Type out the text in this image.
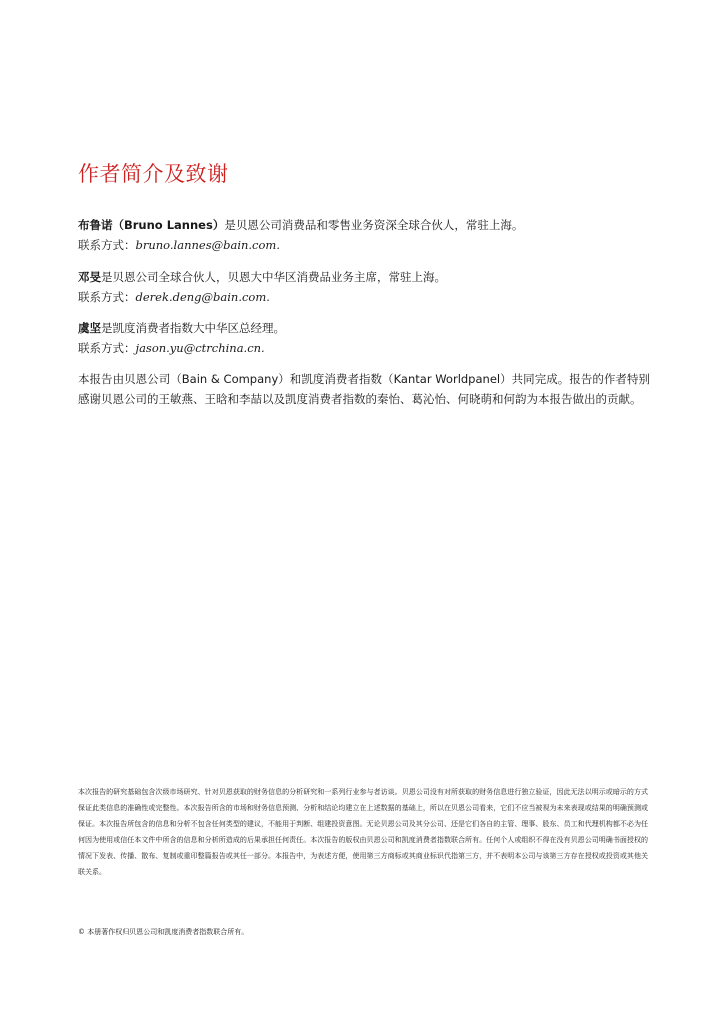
作者简介及致谢
布鲁诺（Bruno Lannes）是贝恩公司消费品和零售业务资深全球合伙人，常驻上海。
联系方式：bruno.lannes@bain.com.
邓旻是贝恩公司全球合伙人，贝恩大中华区消费品业务主席，常驻上海。
联系方式：derek.deng@bain.com.
虞坚是凯度消费者指数大中华区总经理。
联系方式：jason.yu@ctrchina.cn.

本报告由贝恩公司（Bain & Company）和凯度消费者指数（Kantar Worldpanel）共同完成。报告的作者特别感谢贝恩公司的王敏燕、王晗和李喆以及凯度消费者指数的秦怡、葛沁怡、何晓萌和何韵为本报告做出的贡献。

本次报告的研究基础包含次级市场研究、针对贝恩获取的财务信息的分析研究和一系列行业参与者访谈。贝恩公司没有对所获取的财务信息进行独立验证，因此无法以明示或暗示的方式保证此类信息的准确性或完整性。本次报告所含的市场和财务信息预测、分析和结论均建立在上述数据的基础上，所以在贝恩公司看来，它们不应当被视为未来表现或结果的明确预测或保证。本次报告所包含的信息和分析不包含任何类型的建议，不能用于判断、组建投资意图。无论贝恩公司及其分公司、还是它们各自的主管、理事、股东、员工和代理机构都不必为任何因为使用或信任本文件中所含的信息和分析所造成的后果承担任何责任。本次报告的版权由贝恩公司和凯度消费者指数联合所有。任何个人或组织不得在没有贝恩公司明确书面授权的情况下发表、传播、散布、复制或重印整篇报告或其任一部分。本报告中，为表述方便，使用第三方商标或其商业标识代指第三方，并不表明本公司与该第三方存在授权或投资或其他关联关系。

© 本册著作权归贝恩公司和凯度消费者指数联合所有。
